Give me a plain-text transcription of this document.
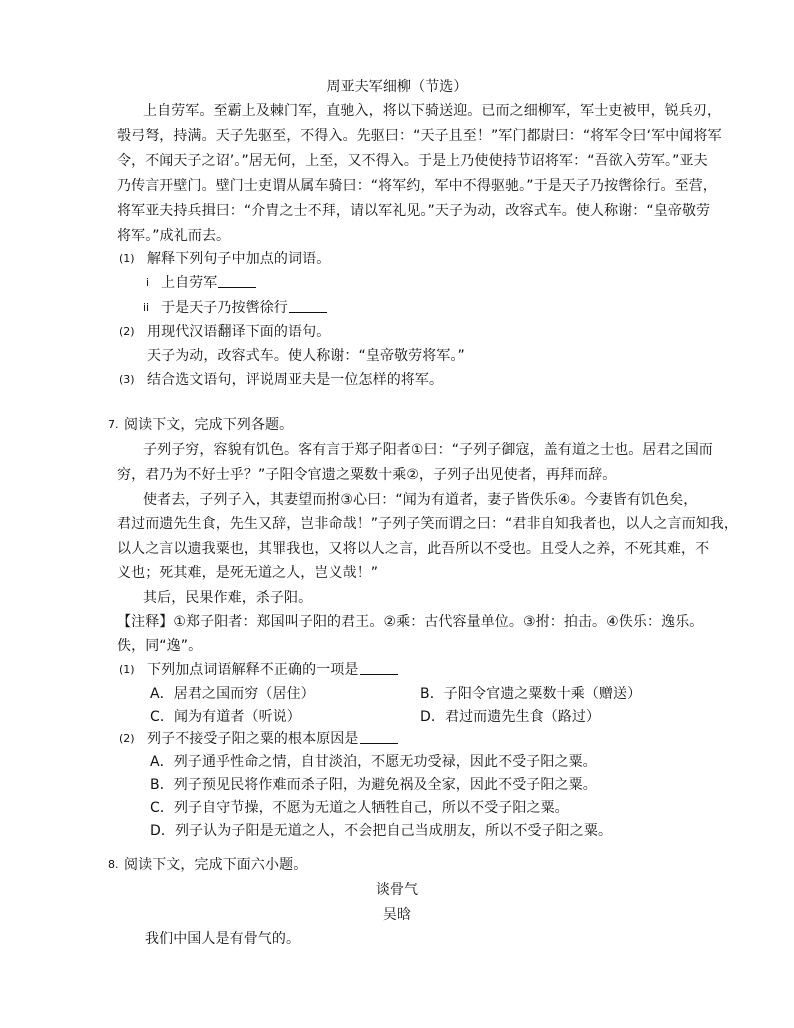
周亚夫军细柳（节选）
上自劳军。至霸上及棘门军，直驰入，将以下骑送迎。已而之细柳军，军士吏被甲，锐兵刃，
彀弓弩，持满。天子先驱至，不得入。先驱曰：“天子且至！”军门都尉曰：“将军令曰‘军中闻将军
令，不闻天子之诏’。”居无何，上至，又不得入。于是上乃使使持节诏将军：“吾欲入劳军。”亚夫
乃传言开壁门。壁门士吏谓从属车骑曰：“将军约，军中不得驱驰。”于是天子乃按辔徐行。至营，
将军亚夫持兵揖曰：“介胄之士不拜，请以军礼见。”天子为动，改容式车。使人称谢：“皇帝敬劳
将军。”成礼而去。
(1) 解释下列句子中加点的词语。
i 上自劳军
ii 于是天子乃按辔徐行
(2) 用现代汉语翻译下面的语句。
天子为动，改容式车。使人称谢：“皇帝敬劳将军。”
(3) 结合选文语句，评说周亚夫是一位怎样的将军。
7. 阅读下文，完成下列各题。
子列子穷，容貌有饥色。客有言于郑子阳者①曰：“子列子御寇，盖有道之士也。居君之国而
穷，君乃为不好士乎？”子阳令官遗之粟数十乘②，子列子出见使者，再拜而辞。
使者去，子列子入，其妻望而拊③心曰：“闻为有道者，妻子皆佚乐④。今妻皆有饥色矣，
君过而遗先生食，先生又辞，岂非命哉！”子列子笑而谓之曰：“君非自知我者也，以人之言而知我，
以人之言以遗我粟也，其罪我也，又将以人之言，此吾所以不受也。且受人之养，不死其难，不
义也；死其难，是死无道之人，岂义哉！”
其后，民果作难，杀子阳。
【注释】①郑子阳者：郑国叫子阳的君王。②乘：古代容量单位。③拊：拍击。④佚乐：逸乐。
佚，同“逸”。
(1) 下列加点词语解释不正确的一项是
A．居君之国而穷（居住）	B．子阳令官遗之粟数十乘（赠送）
C．闻为有道者（听说）	D．君过而遗先生食（路过）
(2) 列子不接受子阳之粟的根本原因是
A．列子通乎性命之情，自甘淡泊，不愿无功受禄，因此不受子阳之粟。
B．列子预见民将作难而杀子阳，为避免祸及全家，因此不受子阳之粟。
C．列子自守节操，不愿为无道之人牺牲自己，所以不受子阳之粟。
D．列子认为子阳是无道之人，不会把自己当成朋友，所以不受子阳之粟。
8. 阅读下文，完成下面六小题。
谈骨气
吴晗
我们中国人是有骨气的。
